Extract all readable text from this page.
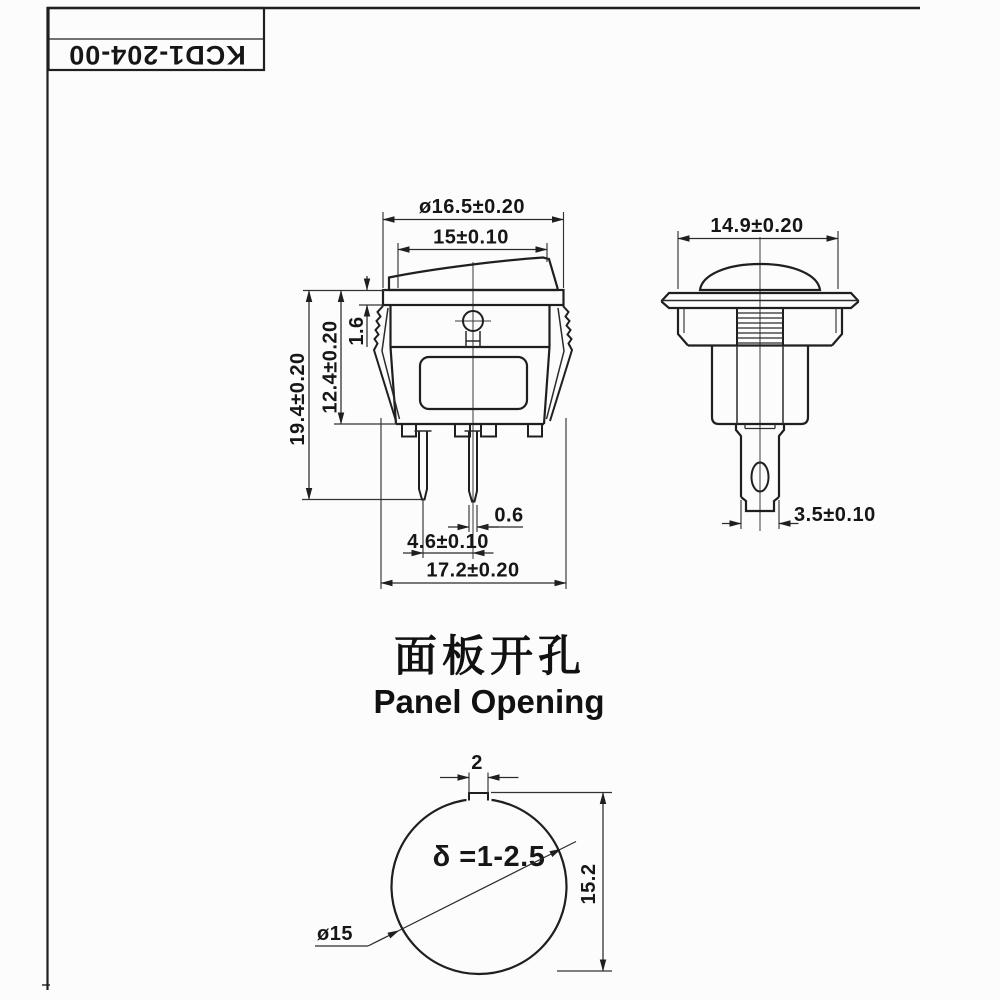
KCD1-204-00
ø16.5±0.20
15±0.10
1.6
12.4±0.20
19.4±0.20
0.6
4.6±0.10
17.2±0.20
14.9±0.20
3.5±0.10
面板开孔
Panel Opening
2
15.2
δ =1-2.5
ø15
